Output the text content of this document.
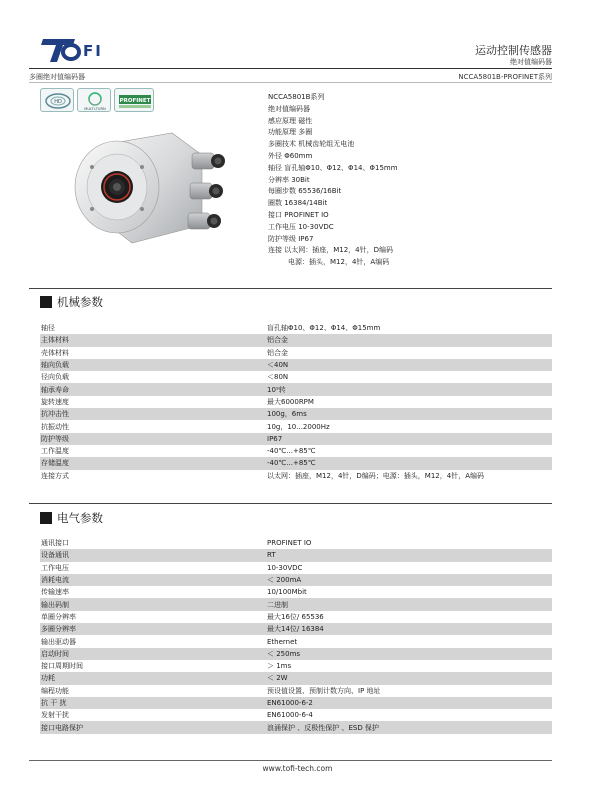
FI	运动控制传感器
绝对值编码器
多圈绝对值编码器	NCCA5801B-PROFINET系列
HD
MULTI-TURN
PROFINET	NCCA5801B系列
绝对值编码器
感应原理 磁性
功能原理 多圈
多圈技术 机械齿轮组无电池
外径 Φ60mm
轴径 盲孔轴Φ10、Φ12、Φ14、Φ15mm
分辨率 30Bit
每圈步数 65536/16Bit
圈数 16384/14Bit
接口 PROFINET IO
工作电压 10-30VDC
防护等级 IP67
连接 以太网：插座，M12，4针，D编码
电源：插头，M12，4针，A编码
机械参数
轴径	盲孔轴Φ10、Φ12、Φ14、Φ15mm
主体材料	铝合金
壳体材料	铝合金
轴向负载	＜40N
径向负载	＜80N
轴承寿命	10⁹转
旋转速度	最大6000RPM
抗冲击性	100g，6ms
抗振动性	10g，10...2000Hz
防护等级	IP67
工作温度	-40℃...+85℃
存储温度	-40℃...+85℃
连接方式	以太网：插座，M12，4针，D编码；电源：插头，M12，4针，A编码
电气参数
通讯接口	PROFINET IO
设备通讯	RT
工作电压	10-30VDC
消耗电流	＜ 200mA
传输速率	10/100Mbit
输出码制	二进制
单圈分辨率	最大16位/ 65536
多圈分辨率	最大14位/ 16384
输出驱动器	Ethernet
启动时间	＜ 250ms
接口周期时间	＞ 1ms
功耗	＜ 2W
编程功能	预设值设置、预制计数方向、IP 地址
抗 干 扰	EN61000-6-2
发射干扰	EN61000-6-4
接口电路保护	浪涌保护 、反极性保护 、ESD 保护
www.tofi-tech.com
